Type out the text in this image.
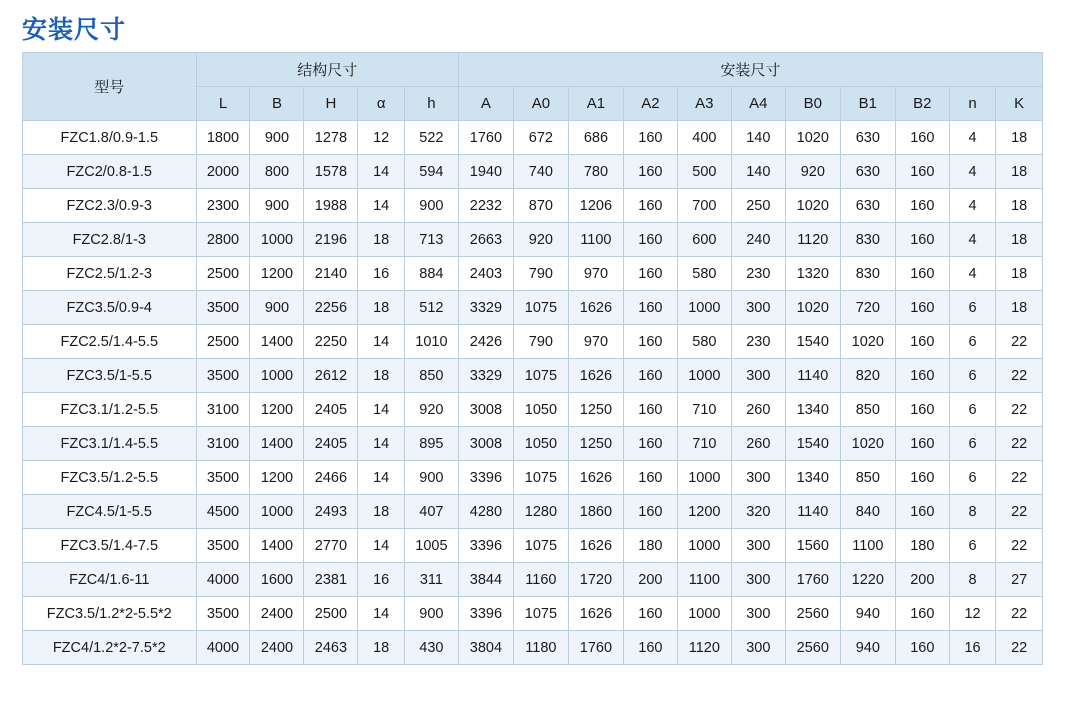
安装尺寸
型号	结构尺寸					安装尺寸										
	L	B	H	α	h	A	A0	A1	A2	A3	A4	B0	B1	B2	n	K
FZC1.8/0.9-1.5	1800	900	1278	12	522	1760	672	686	160	400	140	1020	630	160	4	18
FZC2/0.8-1.5	2000	800	1578	14	594	1940	740	780	160	500	140	920	630	160	4	18
FZC2.3/0.9-3	2300	900	1988	14	900	2232	870	1206	160	700	250	1020	630	160	4	18
FZC2.8/1-3	2800	1000	2196	18	713	2663	920	1100	160	600	240	1120	830	160	4	18
FZC2.5/1.2-3	2500	1200	2140	16	884	2403	790	970	160	580	230	1320	830	160	4	18
FZC3.5/0.9-4	3500	900	2256	18	512	3329	1075	1626	160	1000	300	1020	720	160	6	18
FZC2.5/1.4-5.5	2500	1400	2250	14	1010	2426	790	970	160	580	230	1540	1020	160	6	22
FZC3.5/1-5.5	3500	1000	2612	18	850	3329	1075	1626	160	1000	300	1140	820	160	6	22
FZC3.1/1.2-5.5	3100	1200	2405	14	920	3008	1050	1250	160	710	260	1340	850	160	6	22
FZC3.1/1.4-5.5	3100	1400	2405	14	895	3008	1050	1250	160	710	260	1540	1020	160	6	22
FZC3.5/1.2-5.5	3500	1200	2466	14	900	3396	1075	1626	160	1000	300	1340	850	160	6	22
FZC4.5/1-5.5	4500	1000	2493	18	407	4280	1280	1860	160	1200	320	1140	840	160	8	22
FZC3.5/1.4-7.5	3500	1400	2770	14	1005	3396	1075	1626	180	1000	300	1560	1100	180	6	22
FZC4/1.6-11	4000	1600	2381	16	311	3844	1160	1720	200	1100	300	1760	1220	200	8	27
FZC3.5/1.2*2-5.5*2	3500	2400	2500	14	900	3396	1075	1626	160	1000	300	2560	940	160	12	22
FZC4/1.2*2-7.5*2	4000	2400	2463	18	430	3804	1180	1760	160	1120	300	2560	940	160	16	22
